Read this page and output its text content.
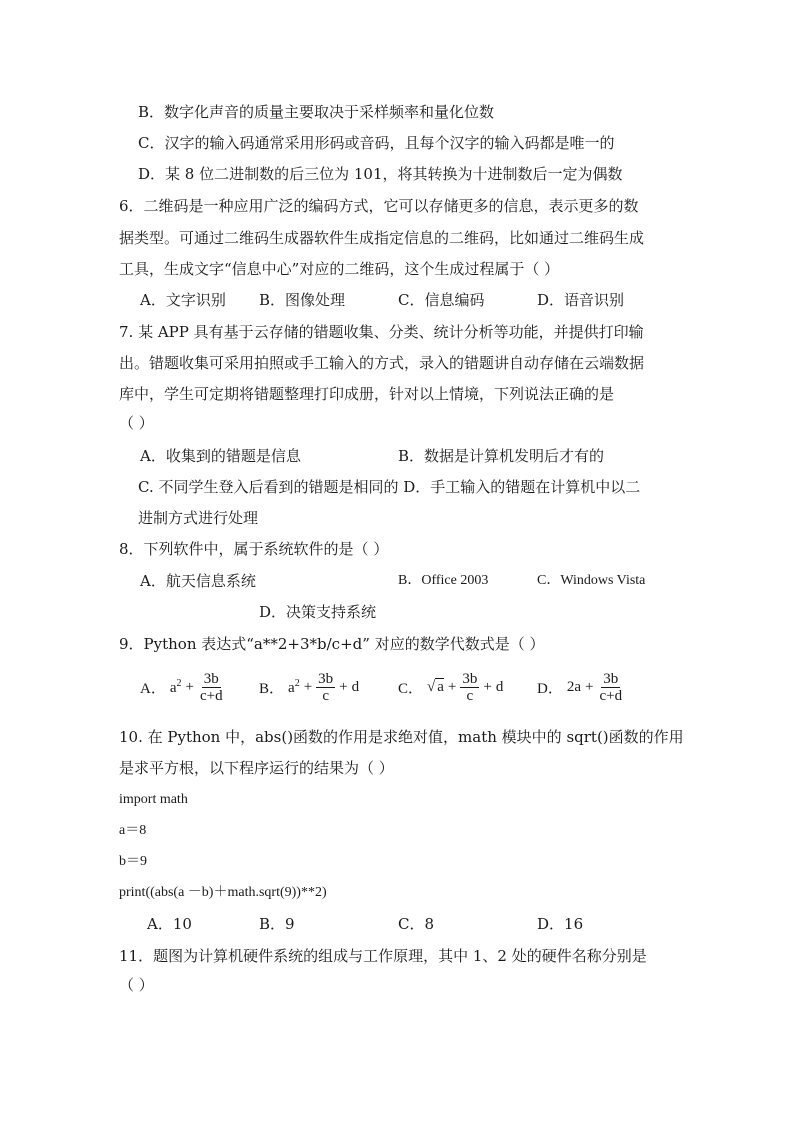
B．数字化声音的质量主要取决于采样频率和量化位数
C．汉字的输入码通常采用形码或音码，且每个汉字的输入码都是唯一的
D．某 8 位二进制数的后三位为 101，将其转换为十进制数后一定为偶数
6．二维码是一种应用广泛的编码方式，它可以存储更多的信息，表示更多的数
据类型。可通过二维码生成器软件生成指定信息的二维码，比如通过二维码生成
工具，生成文字“信息中心”对应的二维码，这个生成过程属于（ ）
A．文字识别 B．图像处理	C．信息编码	D．语音识别
7. 某 APP 具有基于云存储的错题收集、分类、统计分析等功能，并提供打印输
出。错题收集可采用拍照或手工输入的方式，录入的错题讲自动存储在云端数据
库中，学生可定期将错题整理打印成册，针对以上情境，下列说法正确的是
（ ）
A．收集到的错题是信息	B．数据是计算机发明后才有的
C. 不同学生登入后看到的错题是相同的 D．手工输入的错题在计算机中以二
进制方式进行处理
8．下列软件中，属于系统软件的是（ ）
A．航天信息系统	B．Office 2003	C．Windows Vista
D．决策支持系统
9．Python 表达式“a**2+3*b/c+d” 对应的数学代数式是（ ）
A． $a^2 + \frac{3b}{c+d}$ B． $a^2 + \frac{3b}{c} + d$	C． √ $a + \frac{3b}{c} + d$ D． $2a + \frac{3b}{c+d}$
10. 在 Python 中，abs()函数的作用是求绝对值，math 模块中的 sqrt()函数的作用
是求平方根，以下程序运行的结果为（ ）
import math
a＝8
b＝9
print((abs(a －b)＋math.sqrt(9))**2)
A．10	B．9	C．8	D．16
11．题图为计算机硬件系统的组成与工作原理，其中 1、2 处的硬件名称分别是
（ ）
